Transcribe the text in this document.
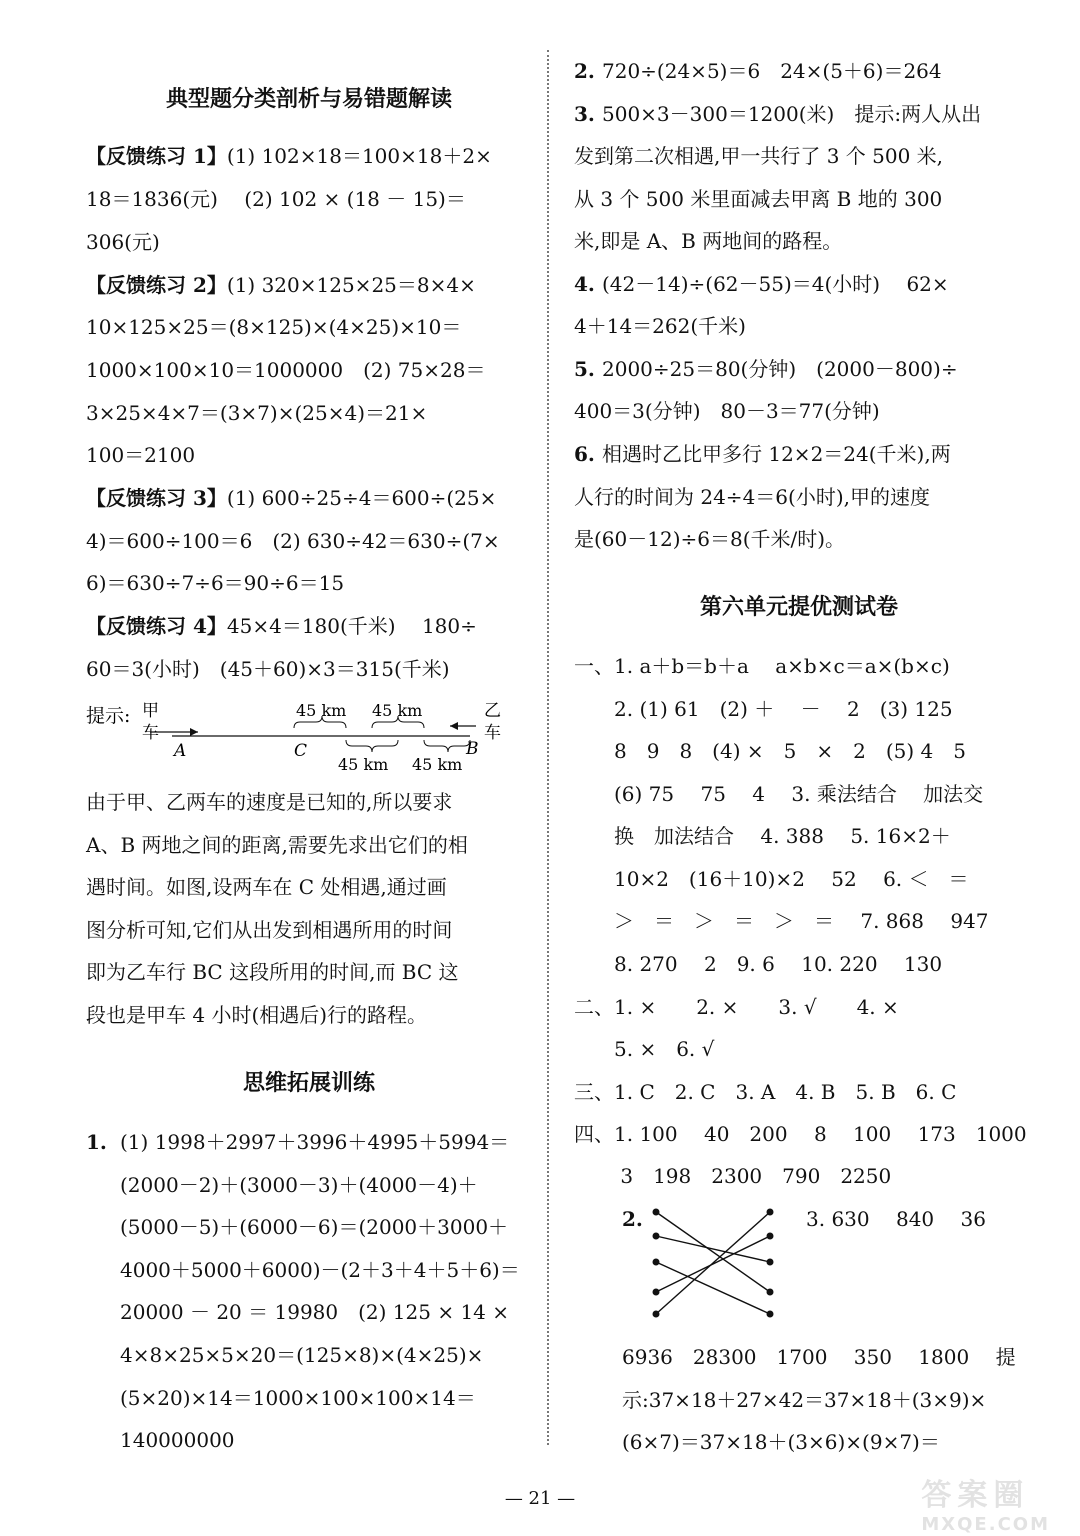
典型题分类剖析与易错题解读
【反馈练习 1】(1) 102×18＝100×18＋2×
18＝1836(元)　 (2) 102 × (18 － 15)＝
306(元)
【反馈练习 2】(1) 320×125×25＝8×4×
10×125×25＝(8×125)×(4×25)×10＝
1000×100×10＝1000000　(2) 75×28＝
3×25×4×7＝(3×7)×(25×4)＝21×
100＝2100
【反馈练习 3】(1) 600÷25÷4＝600÷(25×
4)＝600÷100＝6　(2) 630÷42＝630÷(7×
6)＝630÷7÷6＝90÷6＝15
【反馈练习 4】45×4＝180(千米)　 180÷
60＝3(小时)　(45＋60)×3＝315(千米)
提示: 甲
车
乙
车
A	C	B
45 km 45 km
45 km 45 km
由于甲、乙两车的速度是已知的,所以要求
A、B 两地之间的距离,需要先求出它们的相
遇时间。如图,设两车在 C 处相遇,通过画
图分析可知,它们从出发到相遇所用的时间
即为乙车行 BC 这段所用的时间,而 BC 这
段也是甲车 4 小时(相遇后)行的路程。
思维拓展训练
1. (1) 1998＋2997＋3996＋4995＋5994＝
(2000－2)＋(3000－3)＋(4000－4)＋
(5000－5)＋(6000－6)＝(2000＋3000＋
4000＋5000＋6000)－(2＋3＋4＋5＋6)＝
20000 － 20 ＝ 19980　(2) 125 × 14 ×
4×8×25×5×20＝(125×8)×(4×25)×
(5×20)×14＝1000×100×100×14＝
140000000
2. 720÷(24×5)＝6　24×(5＋6)＝264
3. 500×3－300＝1200(米)　提示:两人从出
发到第二次相遇,甲一共行了 3 个 500 米,
从 3 个 500 米里面减去甲离 B 地的 300
米,即是 A、B 两地间的路程。
4. (42－14)÷(62－55)＝4(小时)　 62×
4＋14＝262(千米)
5. 2000÷25＝80(分钟)　(2000－800)÷
400＝3(分钟)　80－3＝77(分钟)
6. 相遇时乙比甲多行 12×2＝24(千米),两
人行的时间为 24÷4＝6(小时),甲的速度
是(60－12)÷6＝8(千米/时)。
第六单元提优测试卷
一、1. a＋b＝b＋a　 a×b×c＝a×(b×c)
　　2. (1) 61　(2) ＋　 －　 2　(3) 125
　　8　9　8　(4) ×　5　×　2　(5) 4　5
　　(6) 75　 75　 4　 3. 乘法结合　 加法交
　　换　加法结合　 4. 388　 5. 16×2＋
　　10×2　(16＋10)×2　 52　 6. ＜　＝
　　＞　＝　＞　＝　＞　＝　 7. 868　 947
　　8. 270　 2　9. 6　 10. 220　 130
二、1. ×　　2. ×　　3. √　　4. ×
　　5. ×　6. √
三、1. C　2. C　3. A　4. B　5. B　6. C
四、1. 100　 40　200　 8　 100　 173　1000
　　 3　198　2300　790　2250
2.	3. 630　 840　 36
6936　28300　1700　 350　 1800　 提
示:37×18＋27×42＝37×18＋(3×9)×
(6×7)＝37×18＋(3×6)×(9×7)＝
— 21 —	答案圈
MXQE.COM
